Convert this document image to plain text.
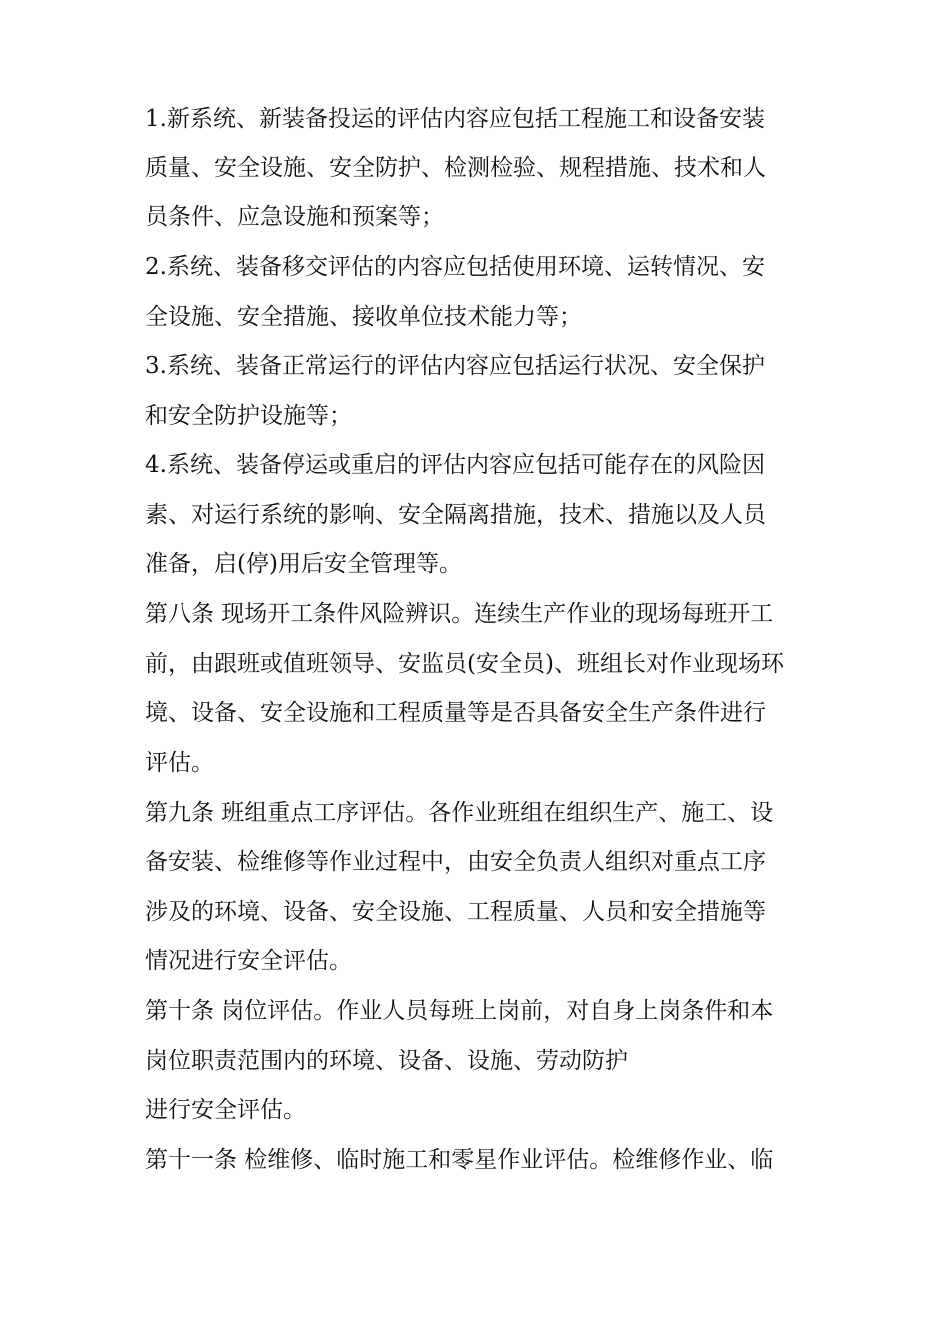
1.新系统、新装备投运的评估内容应包括工程施工和设备安装
质量、安全设施、安全防护、检测检验、规程措施、技术和人
员条件、应急设施和预案等；
2.系统、装备移交评估的内容应包括使用环境、运转情况、安
全设施、安全措施、接收单位技术能力等；
3.系统、装备正常运行的评估内容应包括运行状况、安全保护
和安全防护设施等；
4.系统、装备停运或重启的评估内容应包括可能存在的风险因
素、对运行系统的影响、安全隔离措施，技术、措施以及人员
准备，启(停)用后安全管理等。
第八条 现场开工条件风险辨识。连续生产作业的现场每班开工
前，由跟班或值班领导、安监员(安全员)、班组长对作业现场环
境、设备、安全设施和工程质量等是否具备安全生产条件进行
评估。
第九条 班组重点工序评估。各作业班组在组织生产、施工、设
备安装、检维修等作业过程中，由安全负责人组织对重点工序
涉及的环境、设备、安全设施、工程质量、人员和安全措施等
情况进行安全评估。
第十条 岗位评估。作业人员每班上岗前，对自身上岗条件和本
岗位职责范围内的环境、设备、设施、劳动防护
进行安全评估。
第十一条 检维修、临时施工和零星作业评估。检维修作业、临
